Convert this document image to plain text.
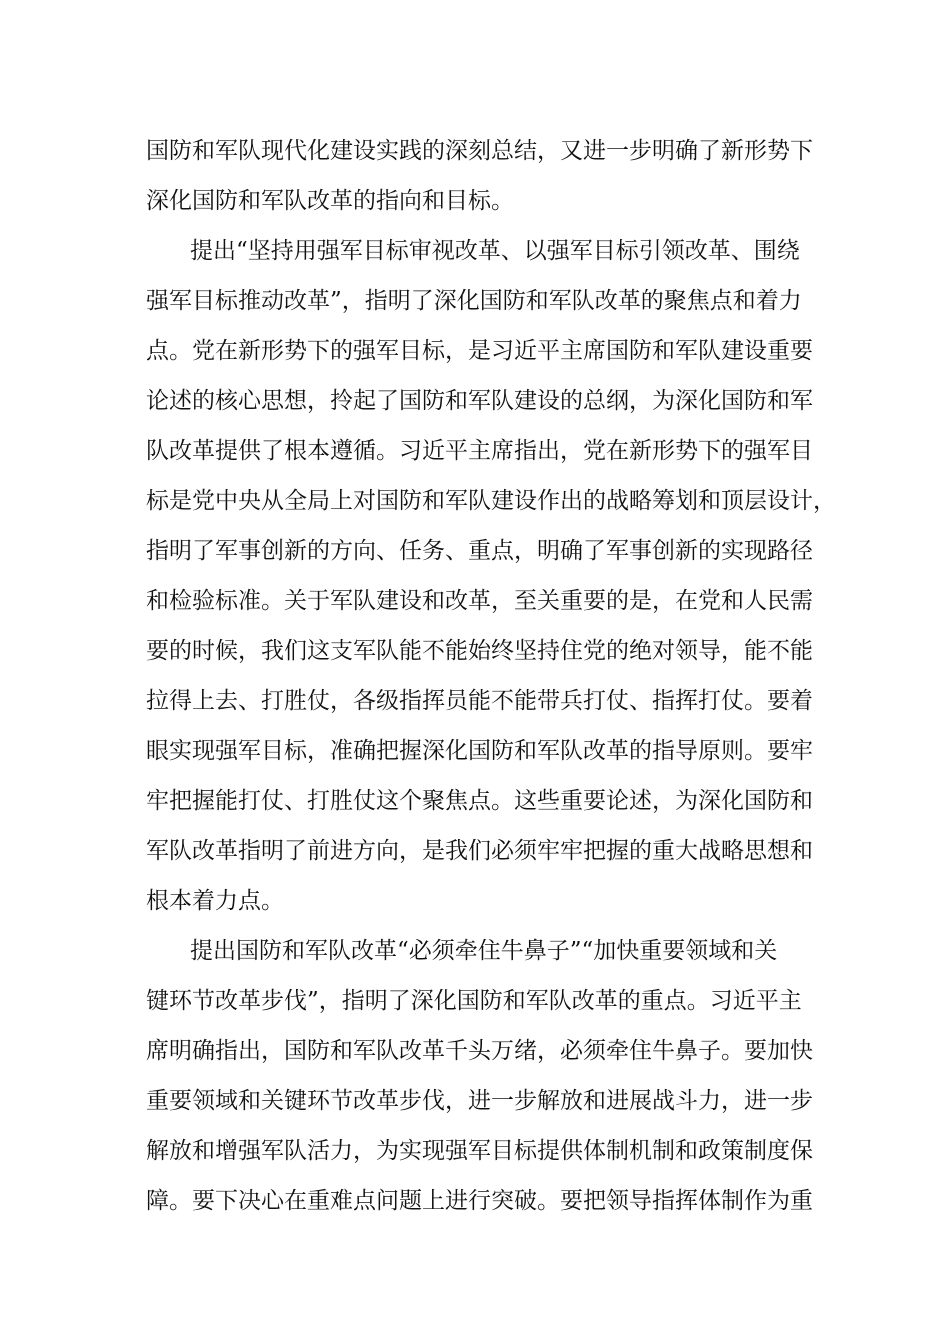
国防和军队现代化建设实践的深刻总结，又进一步明确了新形势下

深化国防和军队改革的指向和目标。

提出“坚持用强军目标审视改革、以强军目标引领改革、围绕

强军目标推动改革”，指明了深化国防和军队改革的聚焦点和着力

点。党在新形势下的强军目标，是习近平主席国防和军队建设重要

论述的核心思想，拎起了国防和军队建设的总纲，为深化国防和军

队改革提供了根本遵循。习近平主席指出，党在新形势下的强军目

标是党中央从全局上对国防和军队建设作出的战略筹划和顶层设计，

指明了军事创新的方向、任务、重点，明确了军事创新的实现路径

和检验标准。关于军队建设和改革，至关重要的是，在党和人民需

要的时候，我们这支军队能不能始终坚持住党的绝对领导，能不能

拉得上去、打胜仗，各级指挥员能不能带兵打仗、指挥打仗。要着

眼实现强军目标，准确把握深化国防和军队改革的指导原则。要牢

牢把握能打仗、打胜仗这个聚焦点。这些重要论述，为深化国防和

军队改革指明了前进方向，是我们必须牢牢把握的重大战略思想和

根本着力点。

提出国防和军队改革“必须牵住牛鼻子”“加快重要领域和关

键环节改革步伐”，指明了深化国防和军队改革的重点。习近平主

席明确指出，国防和军队改革千头万绪，必须牵住牛鼻子。要加快

重要领域和关键环节改革步伐，进一步解放和进展战斗力，进一步

解放和增强军队活力，为实现强军目标提供体制机制和政策制度保

障。要下决心在重难点问题上进行突破。要把领导指挥体制作为重
